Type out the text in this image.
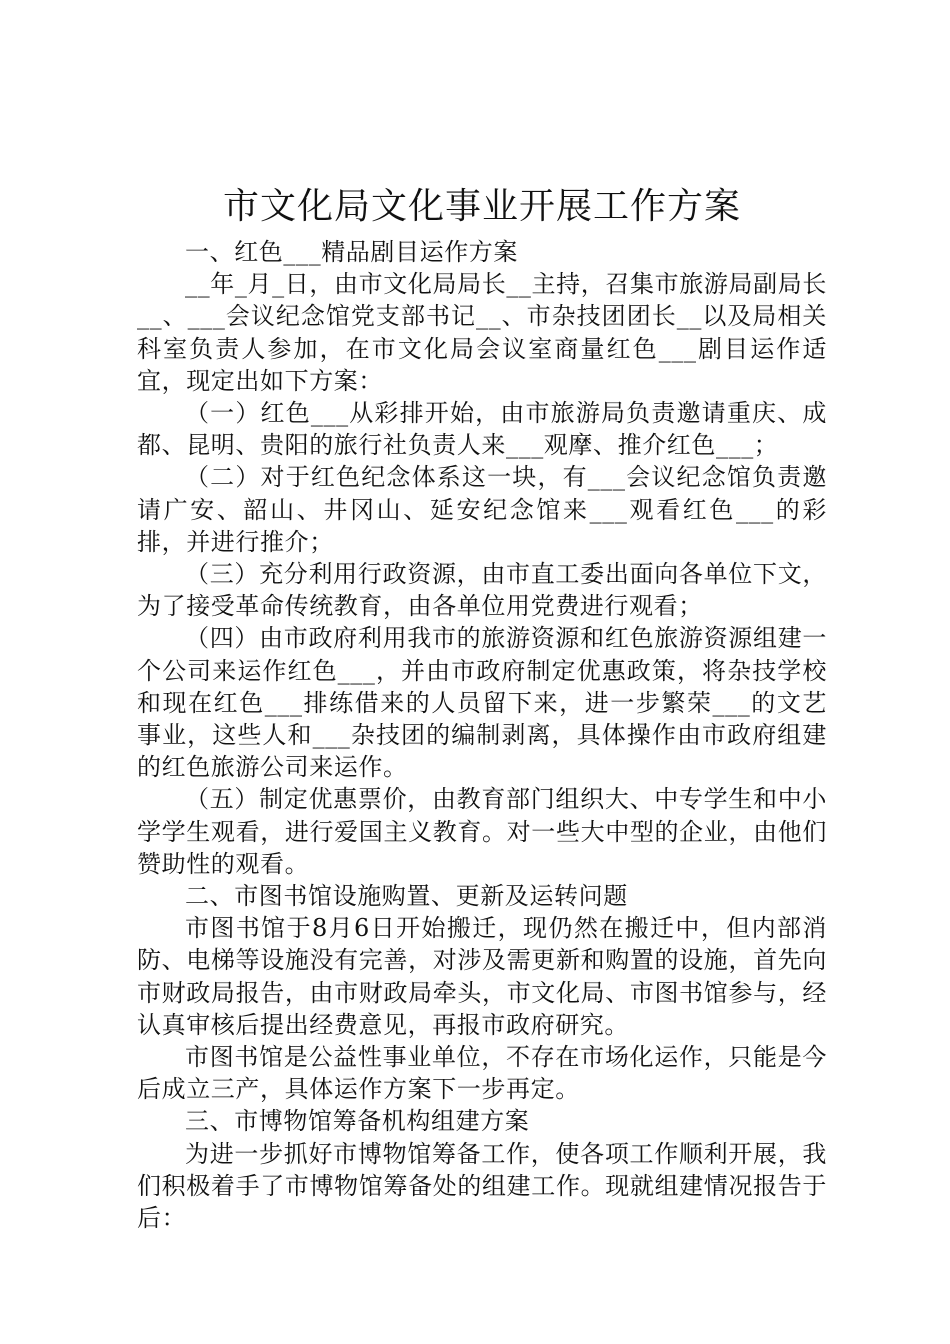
市文化局文化事业开展工作方案

一、红色___精品剧目运作方案

__年_月_日，由市文化局局长__主持，召集市旅游局副局长__、___会议纪念馆党支部书记__、市杂技团团长__以及局相关科室负责人参加，在市文化局会议室商量红色___剧目运作适宜，现定出如下方案：

（一）红色___从彩排开始，由市旅游局负责邀请重庆、成都、昆明、贵阳的旅行社负责人来___观摩、推介红色___；

（二）对于红色纪念体系这一块，有___会议纪念馆负责邀请广安、韶山、井冈山、延安纪念馆来___观看红色___的彩排，并进行推介；

（三）充分利用行政资源，由市直工委出面向各单位下文，为了接受革命传统教育，由各单位用党费进行观看；

（四）由市政府利用我市的旅游资源和红色旅游资源组建一个公司来运作红色___，并由市政府制定优惠政策，将杂技学校和现在红色___排练借来的人员留下来，进一步繁荣___的文艺事业，这些人和___杂技团的编制剥离，具体操作由市政府组建的红色旅游公司来运作。

（五）制定优惠票价，由教育部门组织大、中专学生和中小学学生观看，进行爱国主义教育。对一些大中型的企业，由他们赞助性的观看。

二、市图书馆设施购置、更新及运转问题

市图书馆于8月6日开始搬迁，现仍然在搬迁中，但内部消防、电梯等设施没有完善，对涉及需更新和购置的设施，首先向市财政局报告，由市财政局牵头，市文化局、市图书馆参与，经认真审核后提出经费意见，再报市政府研究。

市图书馆是公益性事业单位，不存在市场化运作，只能是今后成立三产，具体运作方案下一步再定。

三、市博物馆筹备机构组建方案

为进一步抓好市博物馆筹备工作，使各项工作顺利开展，我们积极着手了市博物馆筹备处的组建工作。现就组建情况报告于后：
